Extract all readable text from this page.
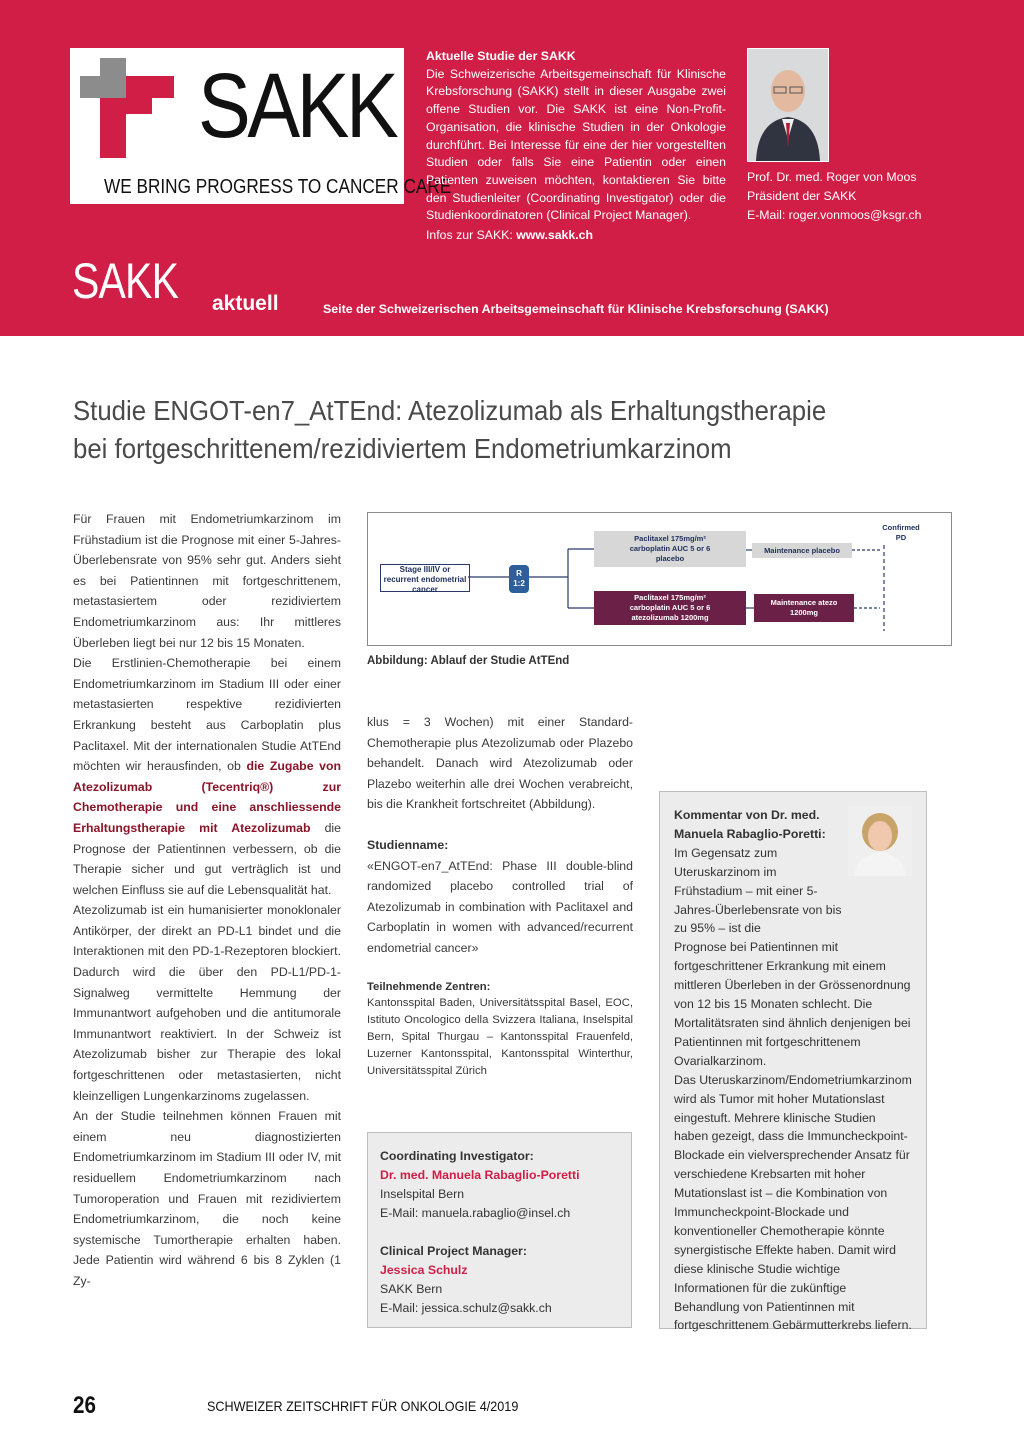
SAKK
WE BRING PROGRESS TO CANCER CARE
Aktuelle Studie der SAKK
Die Schweizerische Arbeitsgemeinschaft für Klinische Krebsforschung (SAKK) stellt in dieser Ausgabe zwei offene Studien vor. Die SAKK ist eine Non-Profit-Organisation, die klinische Studien in der Onkologie durchführt. Bei Interesse für eine der hier vorgestellten Studien oder falls Sie eine Patientin oder einen Patienten zuweisen möchten, kontaktieren Sie bitte den Studienleiter (Coordinating Investigator) oder die Studienkoordinatoren (Clinical Project Manager).
Infos zur SAKK: www.sakk.ch
Prof. Dr. med. Roger von Moos
Präsident der SAKK
E-Mail: roger.vonmoos@ksgr.ch
SAKK aktuell	Seite der Schweizerischen Arbeitsgemeinschaft für Klinische Krebsforschung (SAKK)
Studie ENGOT-en7_AtTEnd: Atezolizumab als Erhaltungstherapie
bei fortgeschrittenem/rezidiviertem Endometriumkarzinom

Für Frauen mit Endometriumkarzinom im Frühstadium ist die Prognose mit einer 5-Jahres-Überlebensrate von 95% sehr gut. Anders sieht es bei Patientinnen mit fortgeschrittenem, metastasiertem oder rezidiviertem Endometriumkarzinom aus: Ihr mittleres Überleben liegt bei nur 12 bis 15 Monaten.

Die Erstlinien-Chemotherapie bei einem Endometriumkarzinom im Stadium III oder einer metastasierten respektive rezidivierten Erkrankung besteht aus Carboplatin plus Paclitaxel. Mit der internationalen Studie AtTEnd möchten wir herausfinden, ob die Zugabe von Atezolizumab (Tecentriq®) zur Chemotherapie und eine anschliessende Erhaltungstherapie mit Atezolizumab die Prognose der Patientinnen verbessern, ob die Therapie sicher und gut verträglich ist und welchen Einfluss sie auf die Lebensqualität hat.

Atezolizumab ist ein humanisierter monoklonaler Antikörper, der direkt an PD-L1 bindet und die Interaktionen mit den PD-1-Rezeptoren blockiert. Dadurch wird die über den PD-L1/PD-1-Signalweg vermittelte Hemmung der Immunantwort aufgehoben und die antitumorale Immunantwort reaktiviert. In der Schweiz ist Atezolizumab bisher zur Therapie des lokal fortgeschrittenen oder metastasierten, nicht kleinzelligen Lungenkarzinoms zugelassen.

An der Studie teilnehmen können Frauen mit einem neu diagnostizierten Endometriumkarzinom im Stadium III oder IV, mit residuellem Endometriumkarzinom nach Tumoroperation und Frauen mit rezidiviertem Endometriumkarzinom, die noch keine systemische Tumortherapie erhalten haben. Jede Patientin wird während 6 bis 8 Zyklen (1 Zy-

Stage III/IV or recurrent endometrial cancer
R
1:2
Paclitaxel 175mg/m²
carboplatin AUC 5 or 6
placebo
Maintenance placebo
Paclitaxel 175mg/m²
carboplatin AUC 5 or 6
atezolizumab 1200mg
Maintenance atezo
1200mg
Confirmed
PD
Abbildung: Ablauf der Studie AtTEnd

klus = 3 Wochen) mit einer Standard-Chemotherapie plus Atezolizumab oder Plazebo behandelt. Danach wird Atezolizumab oder Plazebo weiterhin alle drei Wochen verabreicht, bis die Krankheit fortschreitet (Abbildung).

Studienname:

«ENGOT-en7_AtTEnd: Phase III double-blind randomized placebo controlled trial of Atezolizumab in combination with Paclitaxel and Carboplatin in women with advanced/recurrent endometrial cancer»

Teilnehmende Zentren:

Kantonsspital Baden, Universitätsspital Basel, EOC, Istituto Oncologico della Svizzera Italiana, Inselspital Bern, Spital Thurgau – Kantonsspital Frauenfeld, Luzerner Kantonsspital, Kantonsspital Winterthur, Universitätsspital Zürich

Coordinating Investigator:
Dr. med. Manuela Rabaglio-Poretti
Inselspital Bern
E-Mail: manuela.rabaglio@insel.ch
Clinical Project Manager:
Jessica Schulz
SAKK Bern
E-Mail: jessica.schulz@sakk.ch
Kommentar von Dr. med. Manuela Rabaglio-Poretti:
Im Gegensatz zum Uteruskarzinom im Frühstadium – mit einer 5-Jahres-Überlebensrate von bis zu 95% – ist die
Prognose bei Patientinnen mit fortgeschrittener Erkrankung mit einem mittleren Überleben in der Grössenordnung von 12 bis 15 Monaten schlecht. Die Mortalitätsraten sind ähnlich denjenigen bei Patientinnen mit fortgeschrittenem Ovarialkarzinom.
Das Uteruskarzinom/Endometriumkarzinom wird als Tumor mit hoher Mutationslast eingestuft. Mehrere klinische Studien haben gezeigt, dass die Immuncheckpoint-Blockade ein vielversprechender Ansatz für verschiedene Krebsarten mit hoher Mutationslast ist – die Kombination von Immuncheckpoint-Blockade und konventioneller Chemotherapie könnte synergistische Effekte haben. Damit wird diese klinische Studie wichtige Informationen für die zukünftige Behandlung von Patientinnen mit fortgeschrittenem Gebärmutterkrebs liefern.
26	SCHWEIZER ZEITSCHRIFT FÜR ONKOLOGIE 4/2019
